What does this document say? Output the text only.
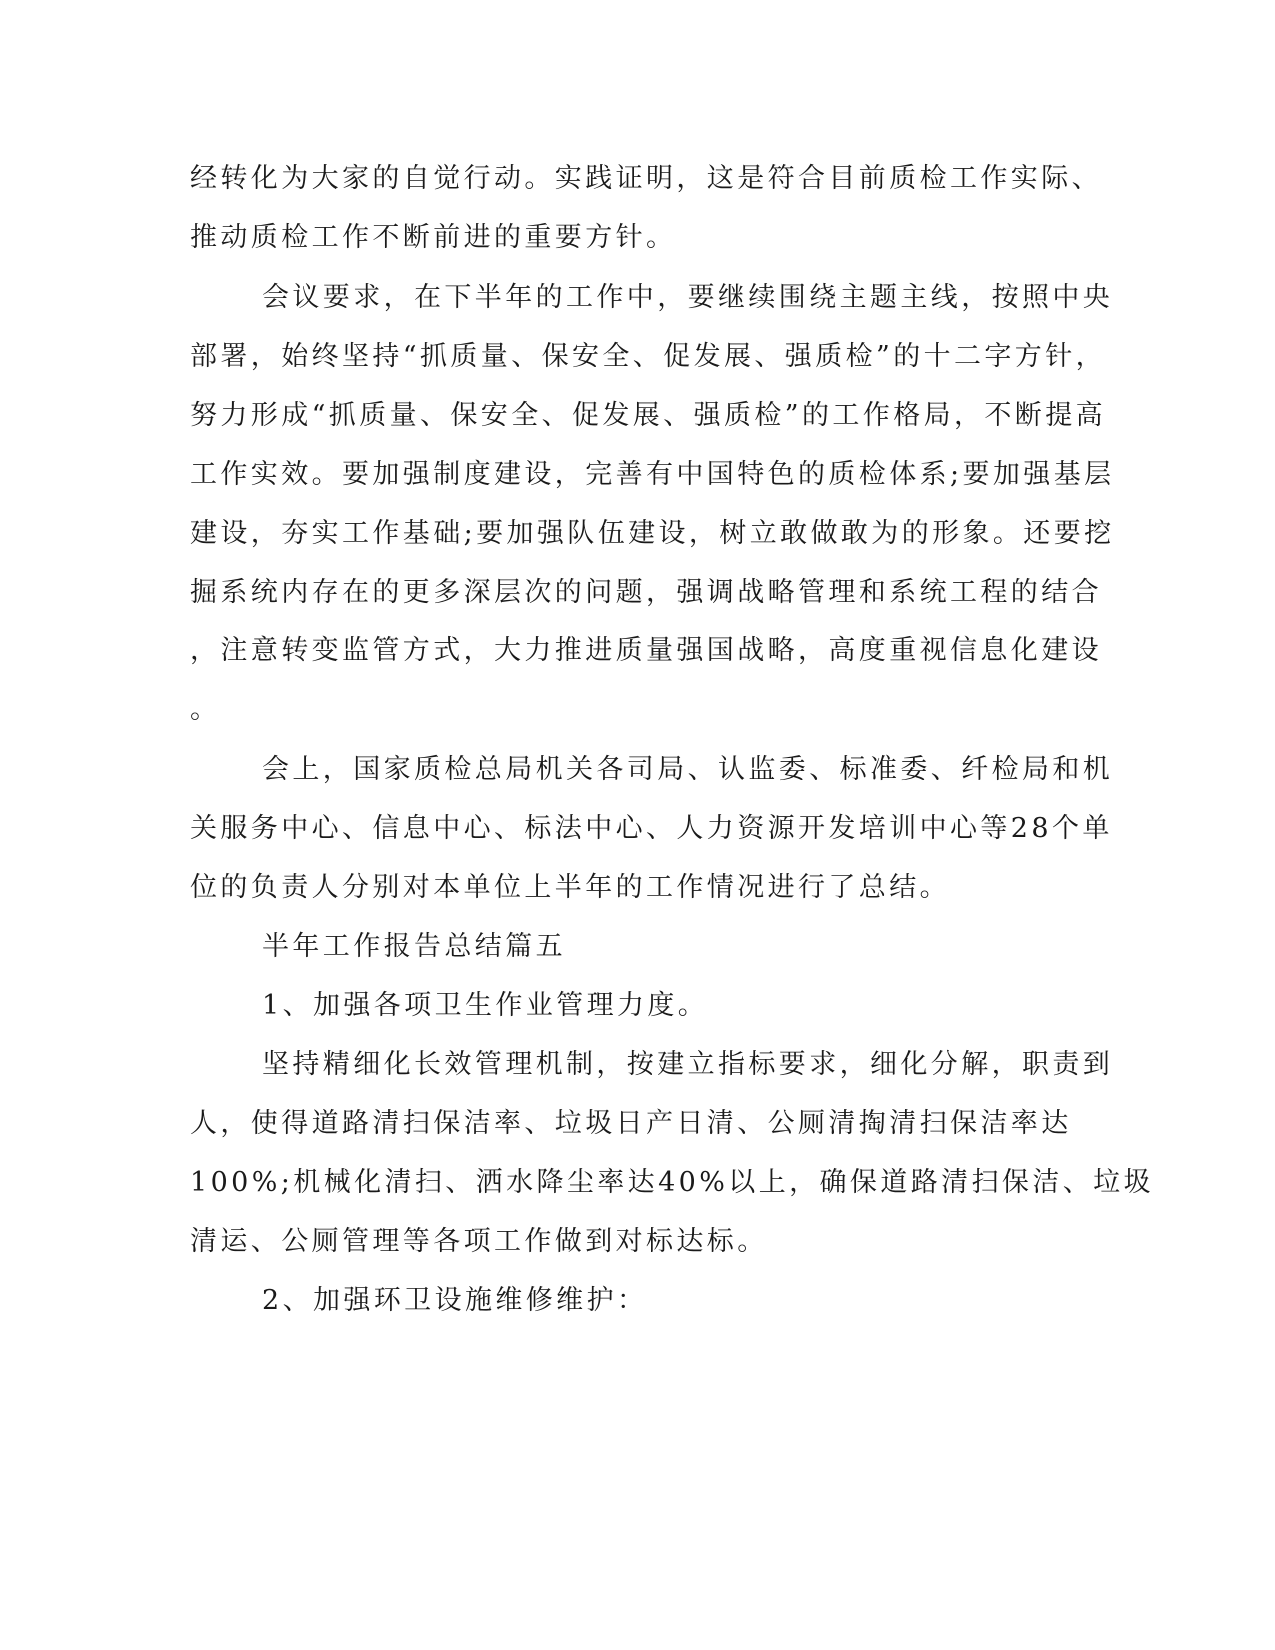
经转化为大家的自觉行动。实践证明，这是符合目前质检工作实际、
推动质检工作不断前进的重要方针。
会议要求，在下半年的工作中，要继续围绕主题主线，按照中央
部署，始终坚持“抓质量、保安全、促发展、强质检”的十二字方针，
努力形成“抓质量、保安全、促发展、强质检”的工作格局，不断提高
工作实效。要加强制度建设，完善有中国特色的质检体系;要加强基层
建设，夯实工作基础;要加强队伍建设，树立敢做敢为的形象。还要挖
掘系统内存在的更多深层次的问题，强调战略管理和系统工程的结合
，注意转变监管方式，大力推进质量强国战略，高度重视信息化建设
。
会上，国家质检总局机关各司局、认监委、标准委、纤检局和机
关服务中心、信息中心、标法中心、人力资源开发培训中心等28个单
位的负责人分别对本单位上半年的工作情况进行了总结。
半年工作报告总结篇五
1、加强各项卫生作业管理力度。
坚持精细化长效管理机制，按建立指标要求，细化分解，职责到
人，使得道路清扫保洁率、垃圾日产日清、公厕清掏清扫保洁率达
100%;机械化清扫、洒水降尘率达40%以上，确保道路清扫保洁、垃圾
清运、公厕管理等各项工作做到对标达标。
2、加强环卫设施维修维护：
